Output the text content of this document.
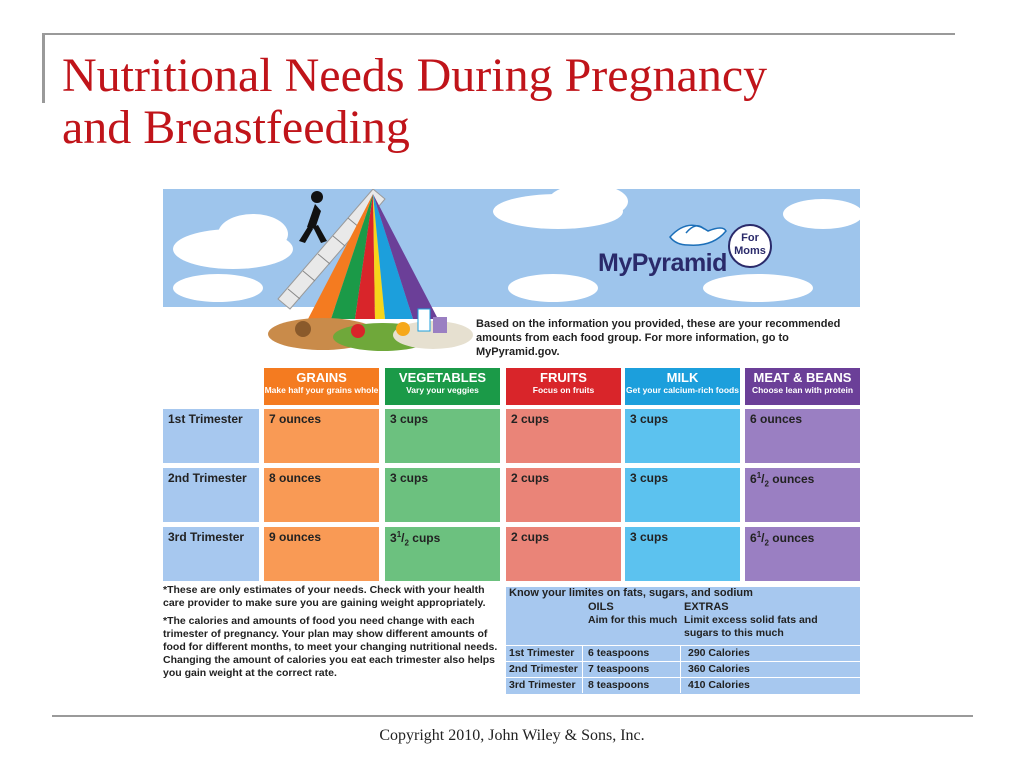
Nutritional Needs During Pregnancy
and Breastfeeding
MyPyramid
For
Moms
Based on the information you provided, these are your recommended amounts from each food group. For more information, go to MyPyramid.gov.
GRAINS
Make half your grains whole
VEGETABLES
Vary your veggies
FRUITS
Focus on fruits
MILK
Get your calcium-rich foods
MEAT & BEANS
Choose lean with protein
1st Trimester	7 ounces	3 cups	2 cups	3 cups	6 ounces
2nd Trimester	8 ounces	3 cups	2 cups	3 cups	$6^1/_2$ ounces
3rd Trimester	9 ounces	$3^1/_2$ cups	2 cups	3 cups	$6^1/_2$ ounces

*These are only estimates of your needs. Check with your health care provider to make sure you are gaining weight appropriately.

*The calories and amounts of food you need change with each trimester of pregnancy. Your plan may show different amounts of food for different months, to meet your changing nutritional needs. Changing the amount of calories you eat each trimester also helps you gain weight at the correct rate.

Know your limites on fats, sugars, and sodium
OILS
Aim for this much
EXTRAS
Limit excess solid fats and sugars to this much
1st Trimester 6 teaspoons	290 Calories
2nd Trimester 7 teaspoons	360 Calories
3rd Trimester 8 teaspoons	410 Calories
Copyright 2010, John Wiley & Sons, Inc.
